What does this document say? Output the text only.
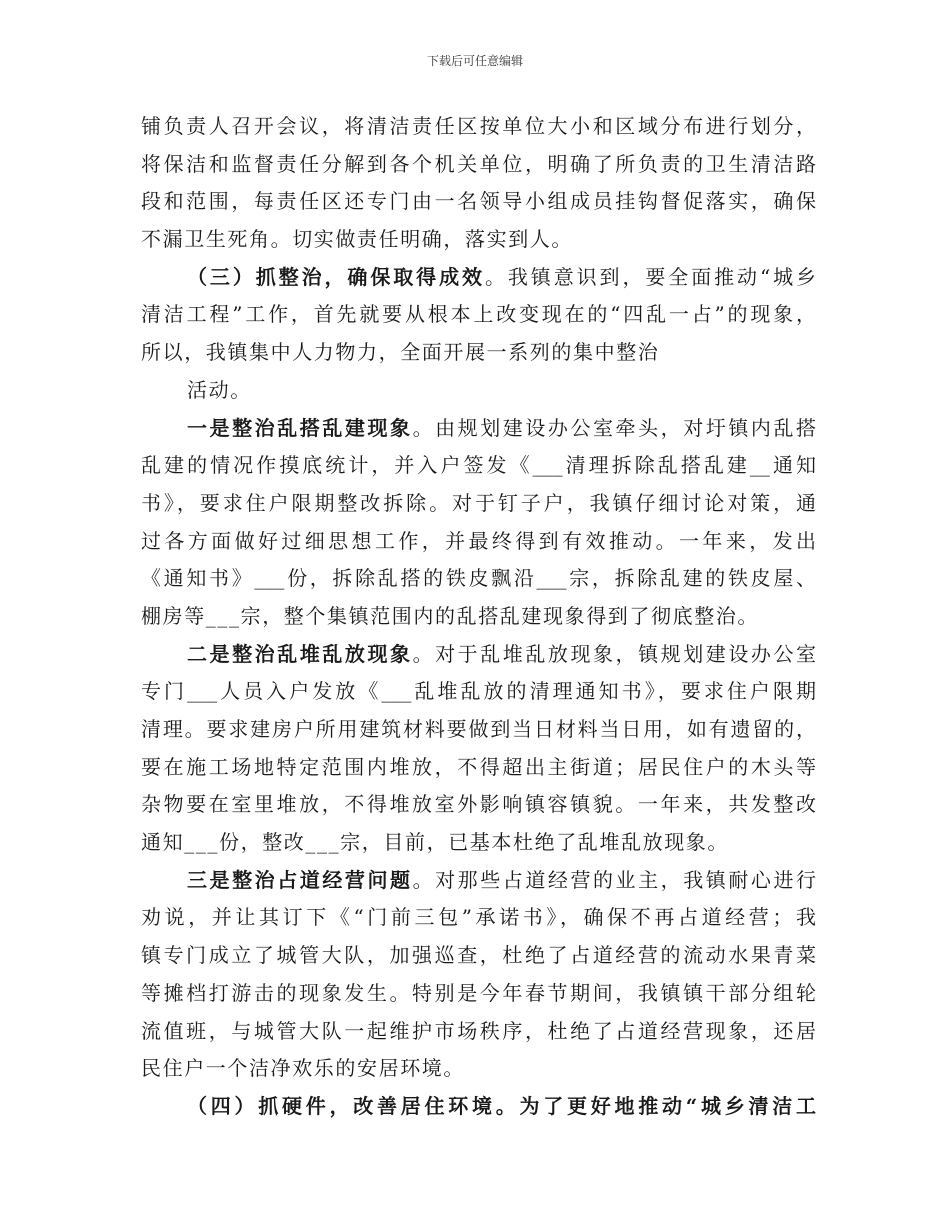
下载后可任意编辑
铺负责人召开会议，将清洁责任区按单位大小和区域分布进行划分，
将保洁和监督责任分解到各个机关单位，明确了所负责的卫生清洁路
段和范围，每责任区还专门由一名领导小组成员挂钩督促落实，确保
不漏卫生死角。切实做责任明确，落实到人。
（三）抓整治，确保取得成效。我镇意识到，要全面推动“城乡
清洁工程”工作，首先就要从根本上改变现在的“四乱一占”的现象，
所以，我镇集中人力物力，全面开展一系列的集中整治
活动。
一是整治乱搭乱建现象。由规划建设办公室牵头，对圩镇内乱搭
乱建的情况作摸底统计，并入户签发《___清理拆除乱搭乱建__通知
书》，要求住户限期整改拆除。对于钉子户，我镇仔细讨论对策，通
过各方面做好过细思想工作，并最终得到有效推动。一年来，发出
《通知书》___份，拆除乱搭的铁皮飘沿___宗，拆除乱建的铁皮屋、
棚房等___宗，整个集镇范围内的乱搭乱建现象得到了彻底整治。
二是整治乱堆乱放现象。对于乱堆乱放现象，镇规划建设办公室
专门___人员入户发放《___乱堆乱放的清理通知书》，要求住户限期
清理。要求建房户所用建筑材料要做到当日材料当日用，如有遗留的，
要在施工场地特定范围内堆放，不得超出主街道；居民住户的木头等
杂物要在室里堆放，不得堆放室外影响镇容镇貌。一年来，共发整改
通知___份，整改___宗，目前，已基本杜绝了乱堆乱放现象。
三是整治占道经营问题。对那些占道经营的业主，我镇耐心进行
劝说，并让其订下《“门前三包”承诺书》，确保不再占道经营；我
镇专门成立了城管大队，加强巡查，杜绝了占道经营的流动水果青菜
等摊档打游击的现象发生。特别是今年春节期间，我镇镇干部分组轮
流值班，与城管大队一起维护市场秩序，杜绝了占道经营现象，还居
民住户一个洁净欢乐的安居环境。
（四）抓硬件，改善居住环境。为了更好地推动“城乡清洁工
